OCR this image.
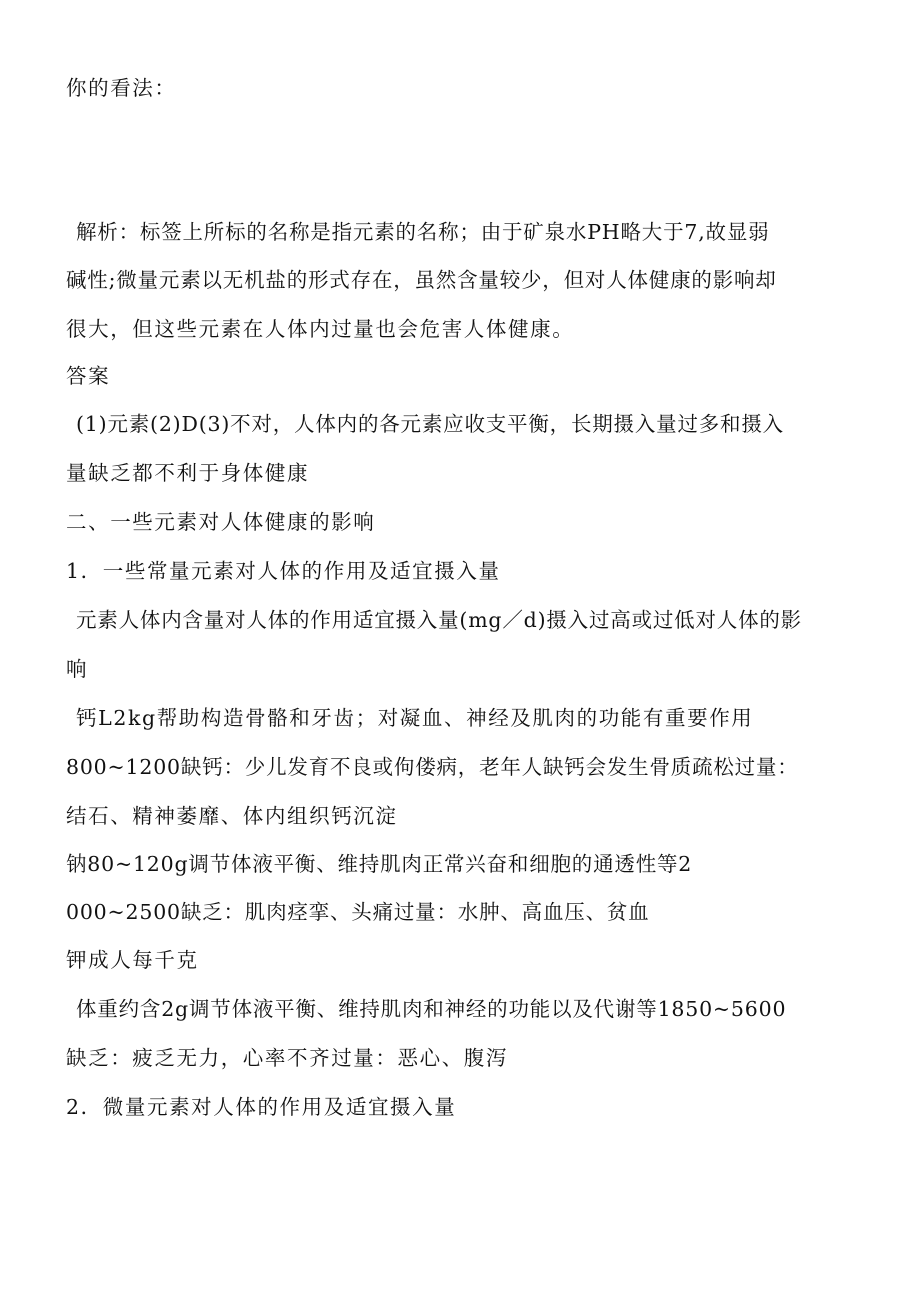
你的看法：
解析：标签上所标的名称是指元素的名称；由于矿泉水PH略大于7,故显弱
碱性;微量元素以无机盐的形式存在，虽然含量较少，但对人体健康的影响却
很大，但这些元素在人体内过量也会危害人体健康。
答案
(1)元素(2)D(3)不对，人体内的各元素应收支平衡，长期摄入量过多和摄入
量缺乏都不利于身体健康
二、一些元素对人体健康的影响
1．一些常量元素对人体的作用及适宜摄入量
元素人体内含量对人体的作用适宜摄入量(mg／d)摄入过高或过低对人体的影
响
钙L2kg帮助构造骨骼和牙齿；对凝血、神经及肌肉的功能有重要作用
800~1200缺钙：少儿发育不良或佝偻病，老年人缺钙会发生骨质疏松过量：
结石、精神萎靡、体内组织钙沉淀
钠80~120g调节体液平衡、维持肌肉正常兴奋和细胞的通透性等2
000~2500缺乏：肌肉痉挛、头痛过量：水肿、高血压、贫血
钾成人每千克
体重约含2g调节体液平衡、维持肌肉和神经的功能以及代谢等1850~5600
缺乏：疲乏无力，心率不齐过量：恶心、腹泻
2．微量元素对人体的作用及适宜摄入量
